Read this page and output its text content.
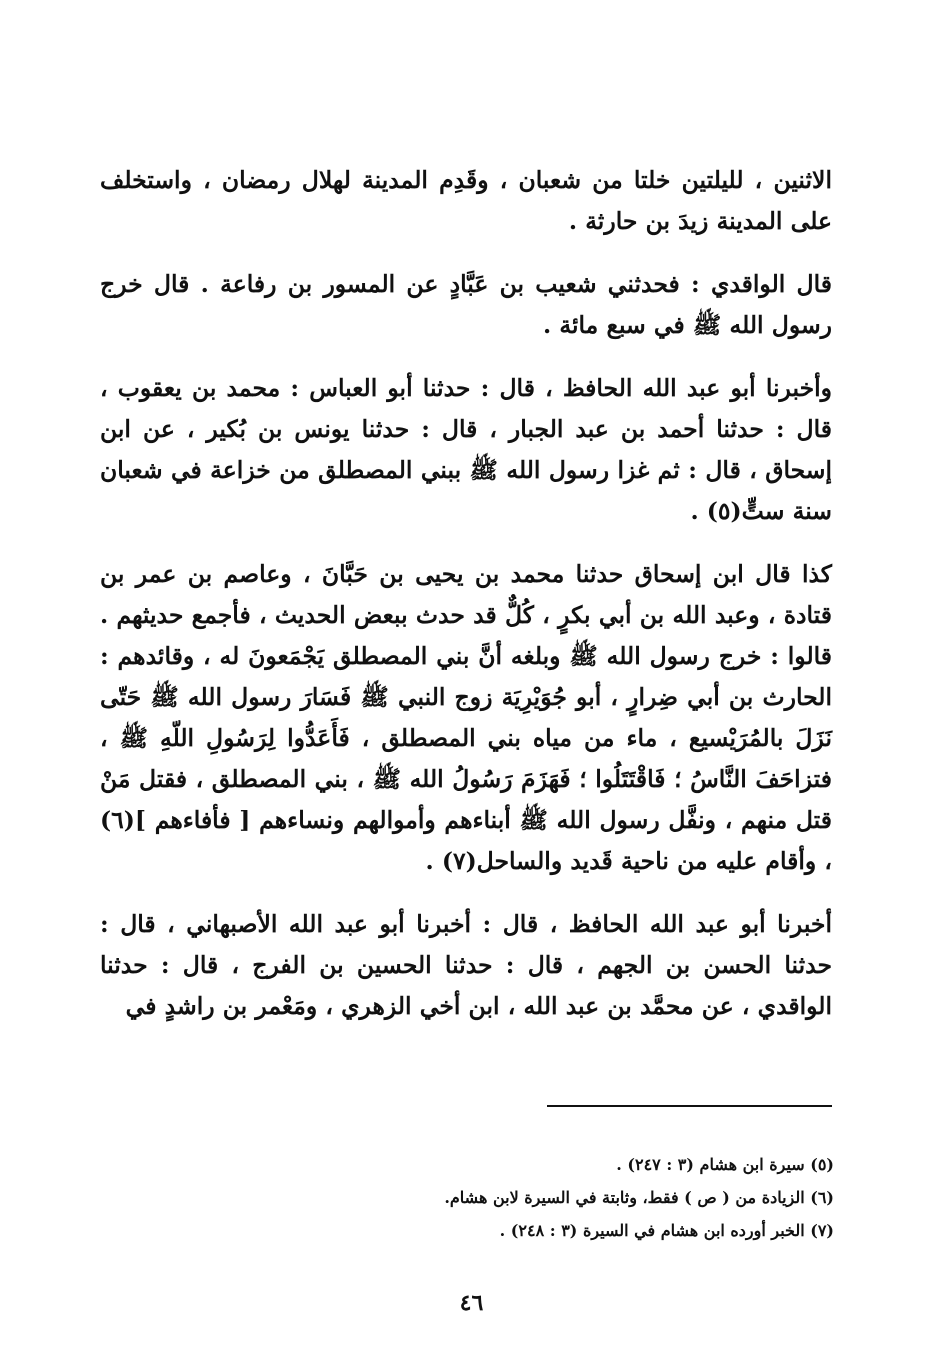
الاثنين ، لليلتين خلتا من شعبان ، وقَدِم المدينة لهلال رمضان ، واستخلف على المدينة زيدَ بن حارثة .

قال الواقدي : فحدثني شعيب بن عَبَّادٍ عن المسور بن رفاعة . قال خرج رسول الله ﷺ في سبع مائة .

وأخبرنا أبو عبد الله الحافظ ، قال : حدثنا أبو العباس : محمد بن يعقوب ، قال : حدثنا أحمد بن عبد الجبار ، قال : حدثنا يونس بن بُكير ، عن ابن إسحاق ، قال : ثم غزا رسول الله ﷺ ببني المصطلق من خزاعة في شعبان سنة ستٍّ(٥) .

كذا قال ابن إسحاق حدثنا محمد بن يحيى بن حَبَّانَ ، وعاصم بن عمر بن قتادة ، وعبد الله بن أبي بكرٍ ، كُلٌّ قد حدث ببعض الحديث ، فأجمع حديثهم . قالوا : خرج رسول الله ﷺ وبلغه أنَّ بني المصطلق يَجْمَعونَ له ، وقائدهم : الحارث بن أبي ضِرارٍ ، أبو جُوَيْرِيَة زوج النبي ﷺ فَسَارَ رسول الله ﷺ حَتّى نَزَلَ بالمُرَيْسيع ، ماء من مياه بني المصطلق ، فَأَعَدُّوا لِرَسُولِ اللّهِ ﷺ ، فتزاحَفَ النَّاسُ ؛ فَاقْتَتَلُوا ؛ فَهَزَمَ رَسُولُ الله ﷺ ، بني المصطلق ، فقتل مَنْ قتل منهم ، ونفَّل رسول الله ﷺ أبناءهم وأموالهم ونساءهم [ فأفاءهم ](٦) ، وأقام عليه من ناحية قَديد والساحل(٧) .

أخبرنا أبو عبد الله الحافظ ، قال : أخبرنا أبو عبد الله الأصبهاني ، قال : حدثنا الحسن بن الجهم ، قال : حدثنا الحسين بن الفرج ، قال : حدثنا الواقدي ، عن محمَّد بن عبد الله ، ابن أخي الزهري ، ومَعْمر بن راشدٍ في

(٥) سيرة ابن هشام (٣ : ٢٤٧) .

(٦) الزيادة من ( ص ) فقط، وثابتة في السيرة لابن هشام.

(٧) الخبر أورده ابن هشام في السيرة (٣ : ٢٤٨) .

٤٦
